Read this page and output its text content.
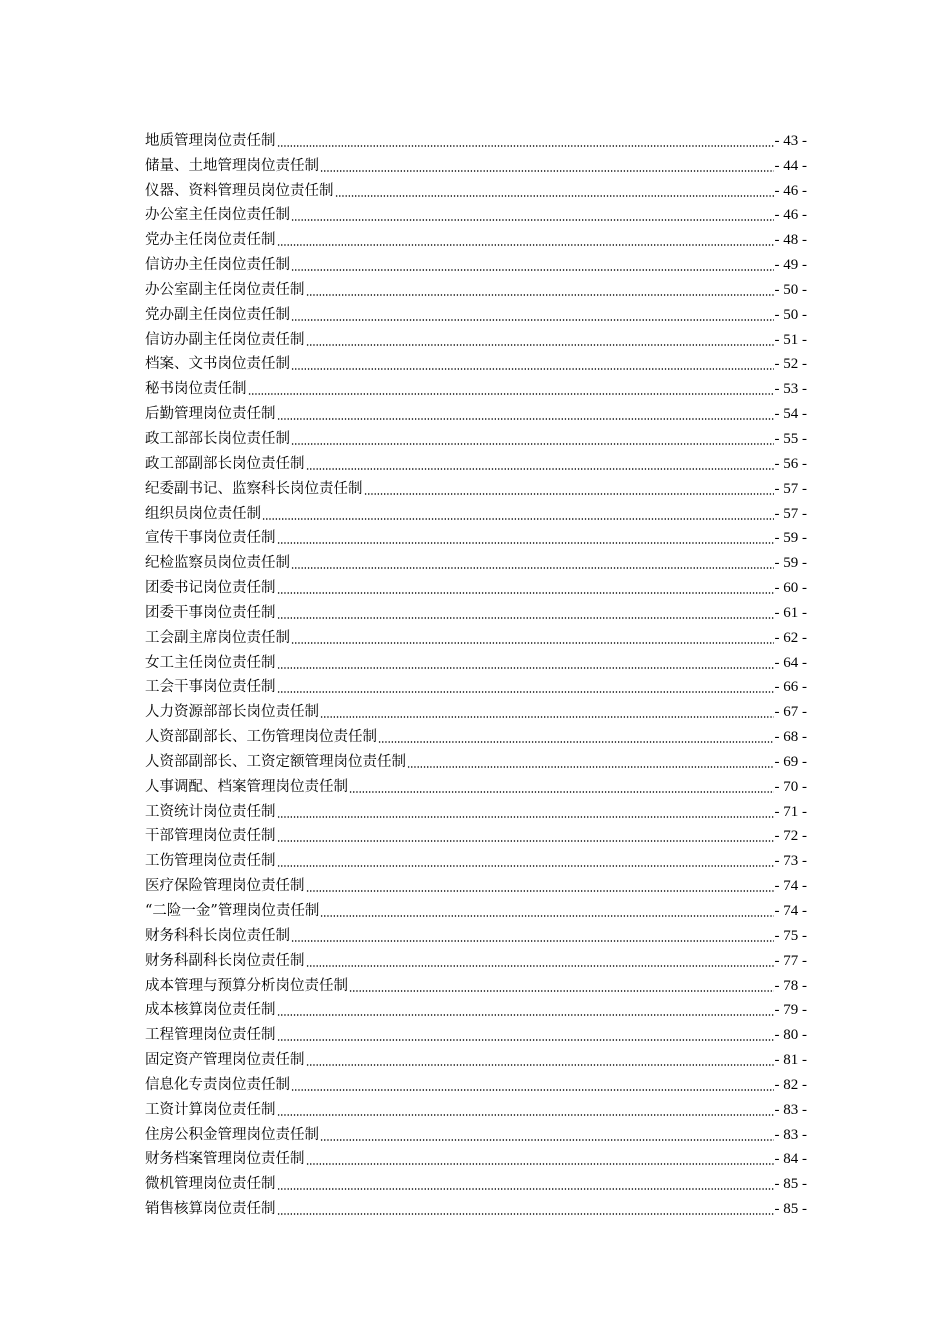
地质管理岗位责任制	- 43 -
储量、土地管理岗位责任制	- 44 -
仪器、资料管理员岗位责任制	- 46 -
办公室主任岗位责任制	- 46 -
党办主任岗位责任制	- 48 -
信访办主任岗位责任制	- 49 -
办公室副主任岗位责任制	- 50 -
党办副主任岗位责任制	- 50 -
信访办副主任岗位责任制	- 51 -
档案、文书岗位责任制	- 52 -
秘书岗位责任制	- 53 -
后勤管理岗位责任制	- 54 -
政工部部长岗位责任制	- 55 -
政工部副部长岗位责任制	- 56 -
纪委副书记、监察科长岗位责任制	- 57 -
组织员岗位责任制	- 57 -
宣传干事岗位责任制	- 59 -
纪检监察员岗位责任制	- 59 -
团委书记岗位责任制	- 60 -
团委干事岗位责任制	- 61 -
工会副主席岗位责任制	- 62 -
女工主任岗位责任制	- 64 -
工会干事岗位责任制	- 66 -
人力资源部部长岗位责任制	- 67 -
人资部副部长、工伤管理岗位责任制	- 68 -
人资部副部长、工资定额管理岗位责任制	- 69 -
人事调配、档案管理岗位责任制	- 70 -
工资统计岗位责任制	- 71 -
干部管理岗位责任制	- 72 -
工伤管理岗位责任制	- 73 -
医疗保险管理岗位责任制	- 74 -
“二险一金”管理岗位责任制	- 74 -
财务科科长岗位责任制	- 75 -
财务科副科长岗位责任制	- 77 -
成本管理与预算分析岗位责任制	- 78 -
成本核算岗位责任制	- 79 -
工程管理岗位责任制	- 80 -
固定资产管理岗位责任制	- 81 -
信息化专责岗位责任制	- 82 -
工资计算岗位责任制	- 83 -
住房公积金管理岗位责任制	- 83 -
财务档案管理岗位责任制	- 84 -
微机管理岗位责任制	- 85 -
销售核算岗位责任制	- 85 -
